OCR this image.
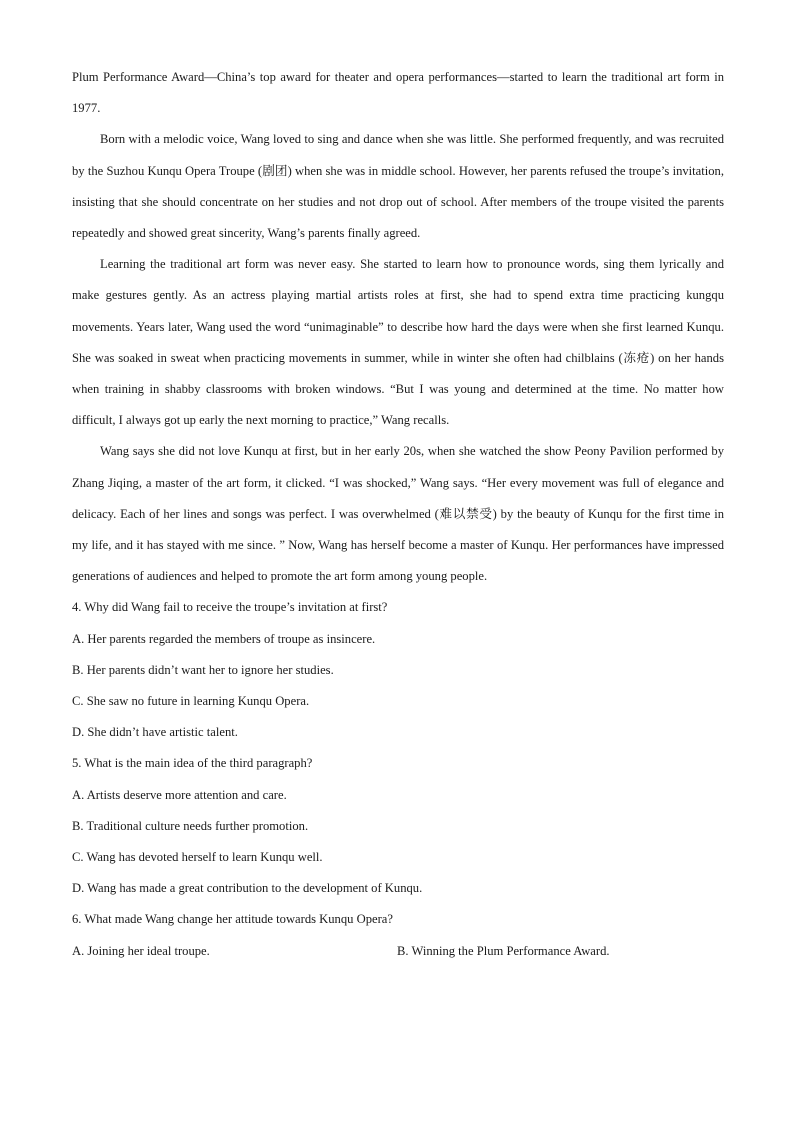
Plum Performance Award—China’s top award for theater and opera performances—started to learn the traditional art form in 1977.

Born with a melodic voice, Wang loved to sing and dance when she was little. She performed frequently, and was recruited by the Suzhou Kunqu Opera Troupe (剧团) when she was in middle school. However, her parents refused the troupe’s invitation, insisting that she should concentrate on her studies and not drop out of school. After members of the troupe visited the parents repeatedly and showed great sincerity, Wang’s parents finally agreed.

Learning the traditional art form was never easy. She started to learn how to pronounce words, sing them lyrically and make gestures gently. As an actress playing martial artists roles at first, she had to spend extra time practicing kungqu movements. Years later, Wang used the word “unimaginable” to describe how hard the days were when she first learned Kunqu. She was soaked in sweat when practicing movements in summer, while in winter she often had chilblains (冻疮) on her hands when training in shabby classrooms with broken windows. “But I was young and determined at the time. No matter how difficult, I always got up early the next morning to practice,” Wang recalls.

Wang says she did not love Kunqu at first, but in her early 20s, when she watched the show Peony Pavilion performed by Zhang Jiqing, a master of the art form, it clicked. “I was shocked,” Wang says. “Her every movement was full of elegance and delicacy. Each of her lines and songs was perfect. I was overwhelmed (难以禁受) by the beauty of Kunqu for the first time in my life, and it has stayed with me since. ” Now, Wang has herself become a master of Kunqu. Her performances have impressed generations of audiences and helped to promote the art form among young people.

4. Why did Wang fail to receive the troupe’s invitation at first?

A. Her parents regarded the members of troupe as insincere.

B. Her parents didn’t want her to ignore her studies.

C. She saw no future in learning Kunqu Opera.

D. She didn’t have artistic talent.

5. What is the main idea of the third paragraph?

A. Artists deserve more attention and care.

B. Traditional culture needs further promotion.

C. Wang has devoted herself to learn Kunqu well.

D. Wang has made a great contribution to the development of Kunqu.

6. What made Wang change her attitude towards Kunqu Opera?

A. Joining her ideal troupe.	B. Winning the Plum Performance Award.
